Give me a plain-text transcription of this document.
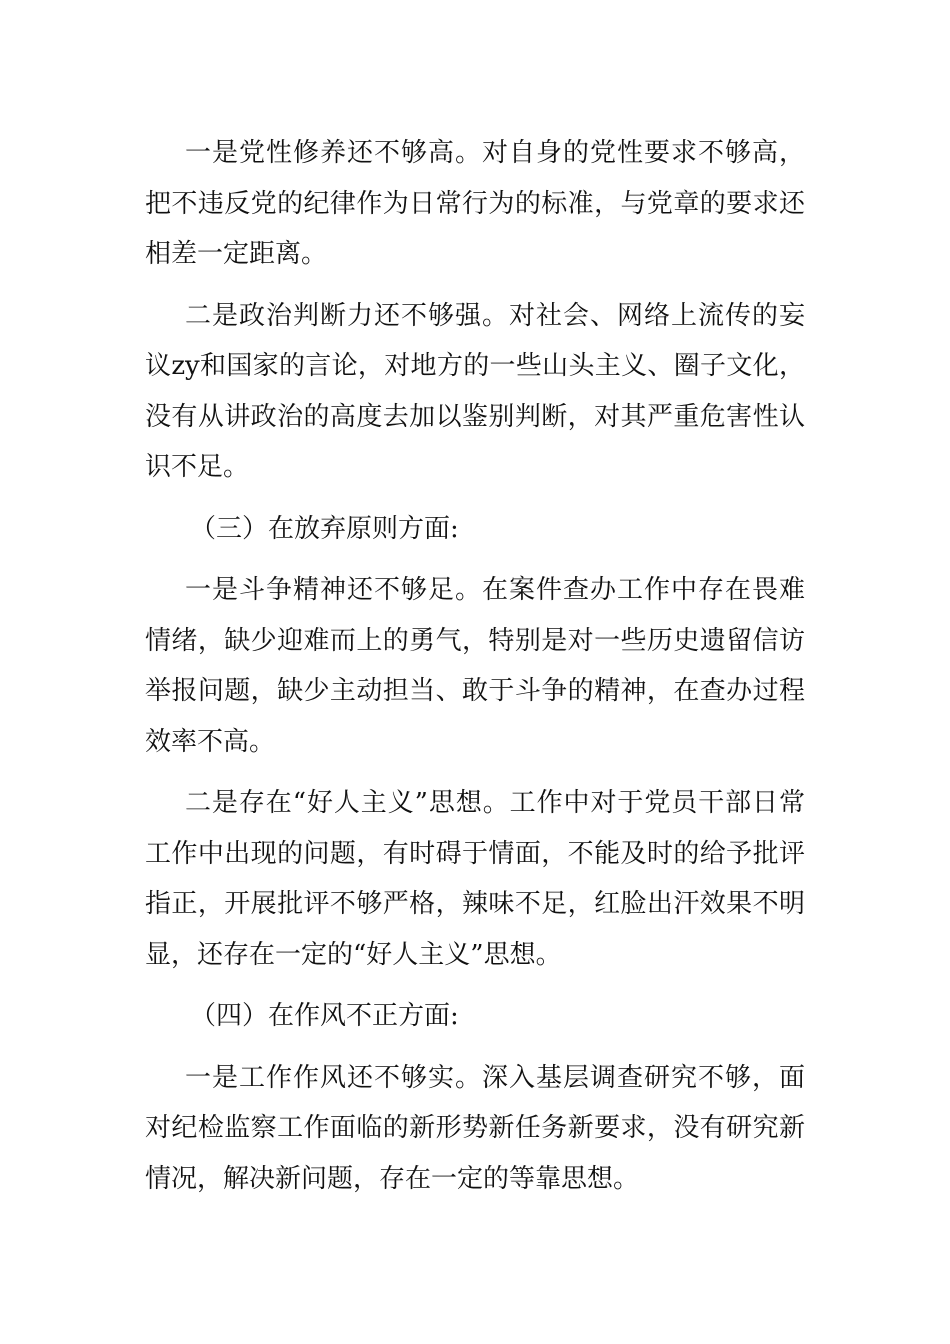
一是党性修养还不够高。对自身的党性要求不够高，把不违反党的纪律作为日常行为的标准，与党章的要求还相差一定距离。

二是政治判断力还不够强。对社会、网络上流传的妄议zy和国家的言论，对地方的一些山头主义、圈子文化，没有从讲政治的高度去加以鉴别判断，对其严重危害性认识不足。

（三）在放弃原则方面:

一是斗争精神还不够足。在案件查办工作中存在畏难情绪，缺少迎难而上的勇气，特别是对一些历史遗留信访举报问题，缺少主动担当、敢于斗争的精神，在查办过程效率不高。

二是存在“好人主义”思想。工作中对于党员干部日常工作中出现的问题，有时碍于情面，不能及时的给予批评指正，开展批评不够严格，辣味不足，红脸出汗效果不明显，还存在一定的“好人主义”思想。

（四）在作风不正方面:

一是工作作风还不够实。深入基层调查研究不够，面对纪检监察工作面临的新形势新任务新要求，没有研究新情况，解决新问题，存在一定的等靠思想。
